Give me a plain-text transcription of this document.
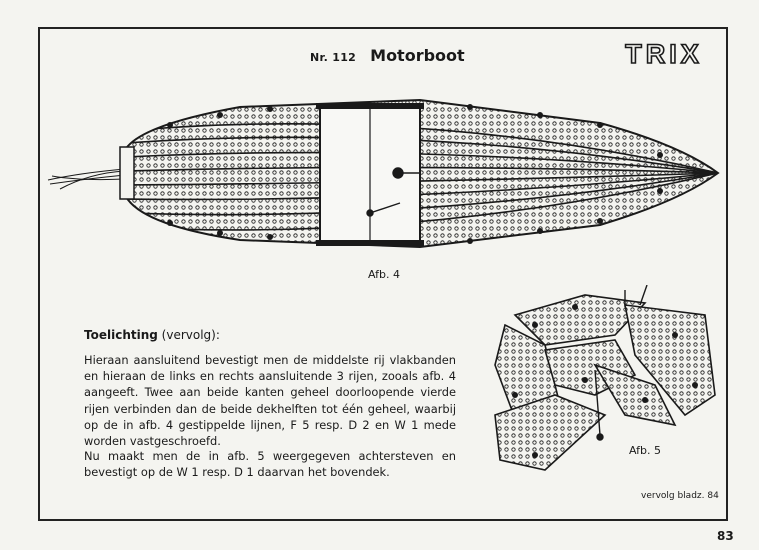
Nr. 112 Motorboot	TRIX
Afb. 4
Afb. 5
Toelichting (vervolg):
Hieraan aansluitend bevestigt men de middelste rij vlakbanden en hieraan de links en rechts aansluitende 3 rijen, zooals afb. 4 aangeeft. Twee aan beide kanten geheel doorloopende vierde rijen verbinden dan de beide dekhelften tot één geheel, waarbij op de in afb. 4 gestippelde lijnen, F 5 resp. D 2 en W 1 mede worden vastgeschroefd.
Nu maakt men de in afb. 5 weergegeven achtersteven en bevestigt op de W 1 resp. D 1 daarvan het bovendek.
vervolg bladz. 84
83
